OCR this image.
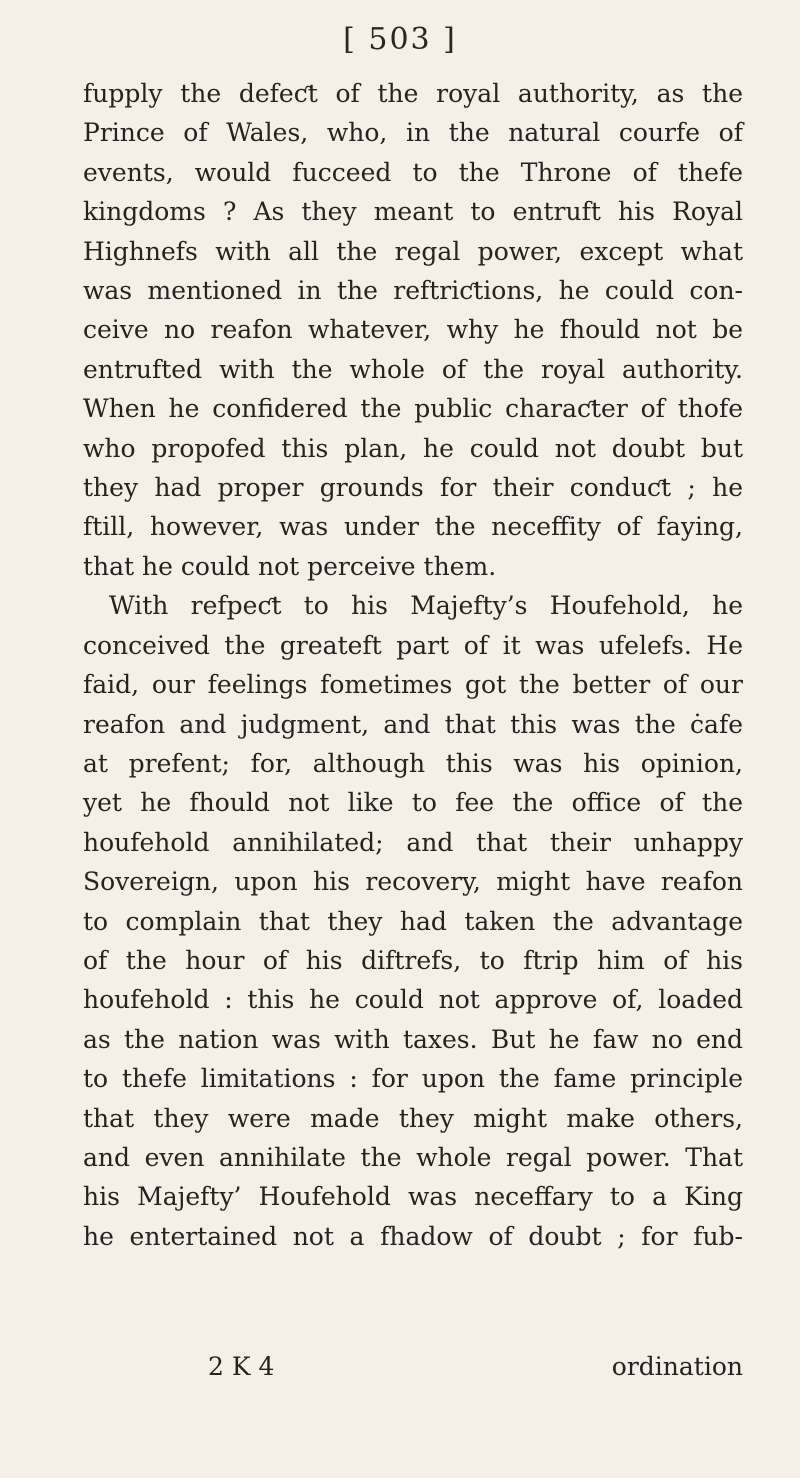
[ 503 ]
fupply the defeƈt of the royal authority, as the
Prince of Wales, who, in the natural courfe of
events, would fucceed to the Throne of thefe
kingdoms ? As they meant to entruft his Royal
Highnefs with all the regal power, except what
was mentioned in the reftriƈtions, he could con-
ceive no reafon whatever, why he fhould not be
entrufted with the whole of the royal authority.
When he confidered the public charaƈter of thofe
who propofed this plan, he could not doubt but
they had proper grounds for their conduƈt ; he
ftill, however, was under the neceffity of faying,
that he could not perceive them.
With refpeƈt to his Majefty’s Houfehold, he
conceived the greateft part of it was ufelefs. He
faid, our feelings fometimes got the better of our
reafon and judgment, and that this was the ċafe
at prefent; for, although this was his opinion,
yet he fhould not like to fee the office of the
houfehold annihilated; and that their unhappy
Sovereign, upon his recovery, might have reafon
to complain that they had taken the advantage
of the hour of his diftrefs, to ftrip him of his
houfehold : this he could not approve of, loaded
as the nation was with taxes. But he faw no end
to thefe limitations : for upon the fame principle
that they were made they might make others,
and even annihilate the whole regal power. That
his Majefty’ Houfehold was neceffary to a King
he entertained not a fhadow of doubt ; for fub-
2 K 4	ordination
